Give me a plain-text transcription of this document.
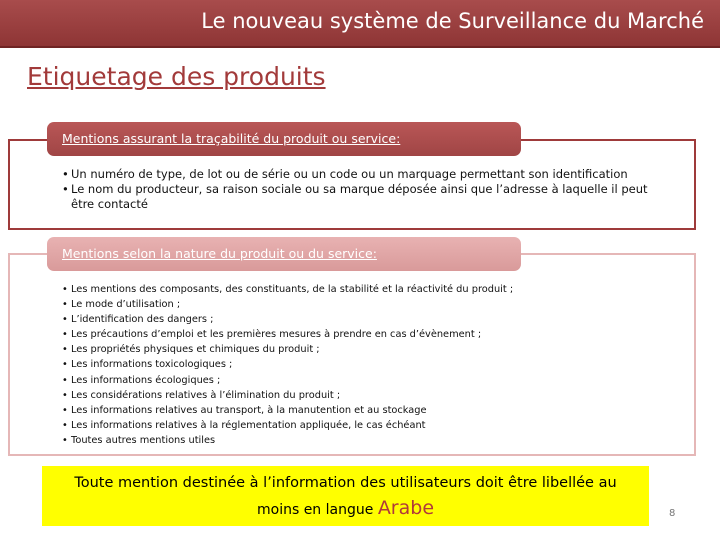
Le nouveau système de Surveillance du Marché
Etiquetage des produits
Mentions assurant la traçabilité du produit ou service:
• Un numéro de type, de lot ou de série ou un code ou un marquage permettant son identification
• Le nom du producteur, sa raison sociale ou sa marque déposée ainsi que l’adresse à laquelle il peut être contacté
Mentions selon la nature du produit ou du service:
• Les mentions des composants, des constituants, de la stabilité et la réactivité du produit ;
• Le mode d’utilisation ;
• L’identification des dangers ;
• Les précautions d’emploi et les premières mesures à prendre en cas d’évènement ;
• Les propriétés physiques et chimiques du produit ;
• Les informations toxicologiques ;
• Les informations écologiques ;
• Les considérations relatives à l’élimination du produit ;
• Les informations relatives au transport, à la manutention et au stockage
• Les informations relatives à la réglementation appliquée, le cas échéant
• Toutes autres mentions utiles
Toute mention destinée à l’information des utilisateurs doit être libellée au
moins en langue Arabe	8
